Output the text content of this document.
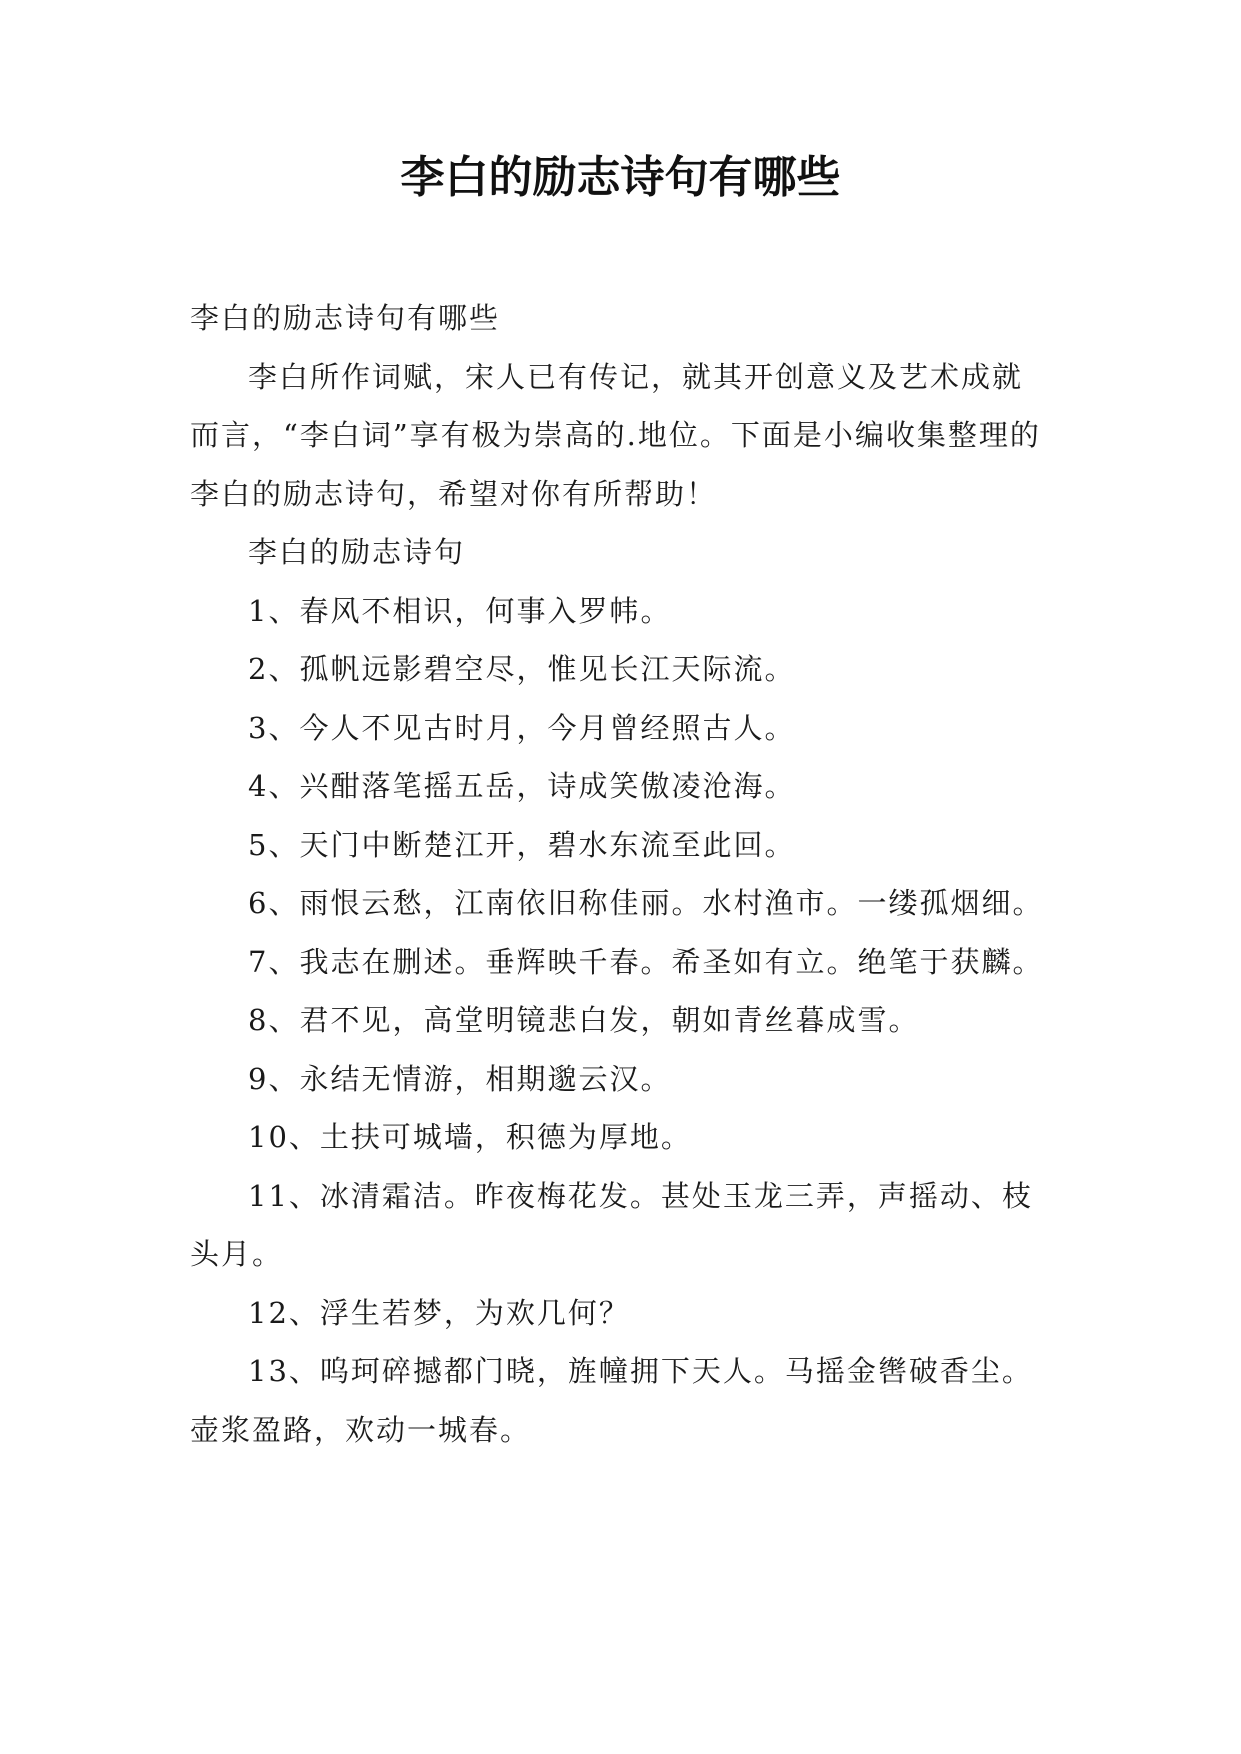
李白的励志诗句有哪些

李白的励志诗句有哪些

李白所作词赋，宋人已有传记，就其开创意义及艺术成就而言，“李白词”享有极为崇高的.地位。下面是小编收集整理的李白的励志诗句，希望对你有所帮助！

李白的励志诗句

1、春风不相识，何事入罗帏。

2、孤帆远影碧空尽，惟见长江天际流。

3、今人不见古时月，今月曾经照古人。

4、兴酣落笔摇五岳，诗成笑傲凌沧海。

5、天门中断楚江开，碧水东流至此回。

6、雨恨云愁，江南依旧称佳丽。水村渔市。一缕孤烟细。

7、我志在删述。垂辉映千春。希圣如有立。绝笔于获麟。

8、君不见，高堂明镜悲白发，朝如青丝暮成雪。

9、永结无情游，相期邈云汉。

10、土扶可城墙，积德为厚地。

11、冰清霜洁。昨夜梅花发。甚处玉龙三弄，声摇动、枝头月。

12、浮生若梦，为欢几何？

13、呜珂碎撼都门晓，旌幢拥下天人。马摇金辔破香尘。壶浆盈路，欢动一城春。
